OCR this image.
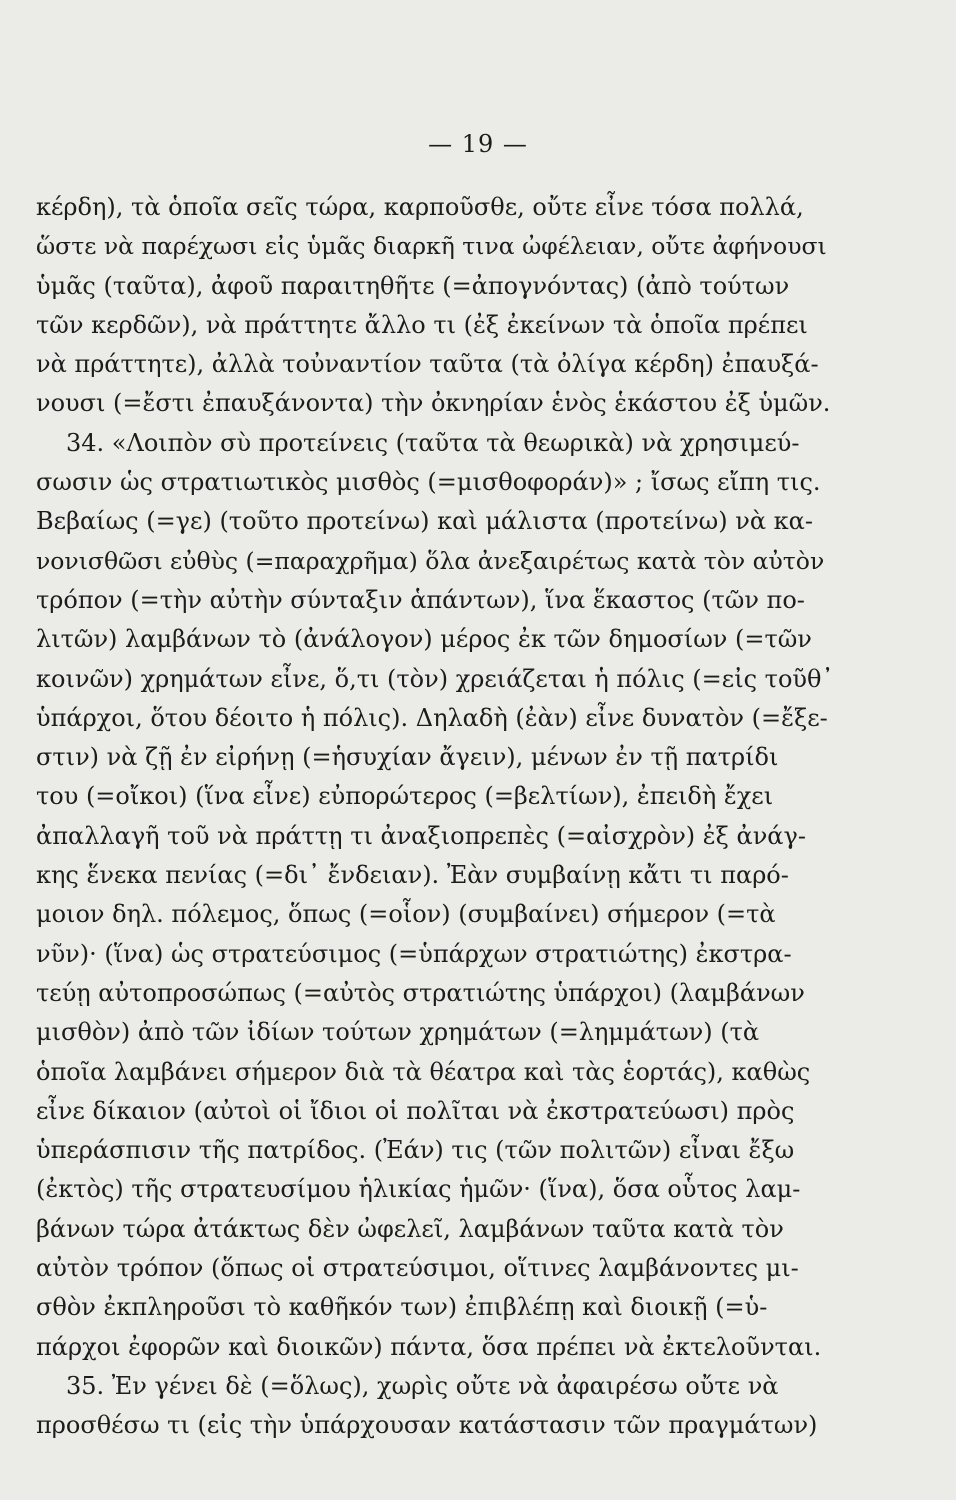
— 19 —
κέρδη), τὰ ὁποῖα σεῖς τώρα, καρποῦσθε, οὔτε εἶνε τόσα πολλά,
ὥστε νὰ παρέχωσι εἰς ὑμᾶς διαρκῆ τινα ὠφέλειαν, οὔτε ἀφήνουσι
ὑμᾶς (ταῦτα), ἀφοῦ παραιτηθῆτε (=ἀπογνόντας) (ἀπὸ τούτων
τῶν κερδῶν), νὰ πράττητε ἄλλο τι (ἐξ ἐκείνων τὰ ὁποῖα πρέπει
νὰ πράττητε), ἀλλὰ τοὐναντίον ταῦτα (τὰ ὀλίγα κέρδη) ἐπαυξά-
νουσι (=ἔστι ἐπαυξάνοντα) τὴν ὀκνηρίαν ἑνὸς ἑκάστου ἐξ ὑμῶν.
34. «Λοιπὸν σὺ προτείνεις (ταῦτα τὰ θεωρικὰ) νὰ χρησιμεύ-
σωσιν ὡς στρατιωτικὸς μισθὸς (=μισθοφοράν)» ; ἴσως εἴπη τις.
Βεβαίως (=γε) (τοῦτο προτείνω) καὶ μάλιστα (προτείνω) νὰ κα-
νονισθῶσι εὐθὺς (=παραχρῆμα) ὅλα ἀνεξαιρέτως κατὰ τὸν αὐτὸν
τρόπον (=τὴν αὐτὴν σύνταξιν ἁπάντων), ἵνα ἕκαστος (τῶν πο-
λιτῶν) λαμβάνων τὸ (ἀνάλογον) μέρος ἐκ τῶν δημοσίων (=τῶν
κοινῶν) χρημάτων εἶνε, ὅ,τι (τὸν) χρειάζεται ἡ πόλις (=εἰς τοῦθ᾽
ὑπάρχοι, ὅτου δέοιτο ἡ πόλις). Δηλαδὴ (ἐὰν) εἶνε δυνατὸν (=ἔξε-
στιν) νὰ ζῇ ἐν εἰρήνῃ (=ἡσυχίαν ἄγειν), μένων ἐν τῇ πατρίδι
του (=οἴκοι) (ἵνα εἶνε) εὐπορώτερος (=βελτίων), ἐπειδὴ ἔχει
ἀπαλλαγῆ τοῦ νὰ πράττῃ τι ἀναξιοπρεπὲς (=αἰσχρὸν) ἐξ ἀνάγ-
κης ἕνεκα πενίας (=δι᾽ ἔνδειαν). Ἐὰν συμβαίνῃ κἄτι τι παρό-
μοιον δηλ. πόλεμος, ὅπως (=οἷον) (συμβαίνει) σήμερον (=τὰ
νῦν)· (ἵνα) ὡς στρατεύσιμος (=ὑπάρχων στρατιώτης) ἐκστρα-
τεύῃ αὐτοπροσώπως (=αὐτὸς στρατιώτης ὑπάρχοι) (λαμβάνων
μισθὸν) ἀπὸ τῶν ἰδίων τούτων χρημάτων (=λημμάτων) (τὰ
ὁποῖα λαμβάνει σήμερον διὰ τὰ θέατρα καὶ τὰς ἑορτάς), καθὼς
εἶνε δίκαιον (αὐτοὶ οἱ ἴδιοι οἱ πολῖται νὰ ἐκστρατεύωσι) πρὸς
ὑπεράσπισιν τῆς πατρίδος. (Ἐάν) τις (τῶν πολιτῶν) εἶναι ἔξω
(ἐκτὸς) τῆς στρατευσίμου ἡλικίας ἡμῶν· (ἵνα), ὅσα οὗτος λαμ-
βάνων τώρα ἀτάκτως δὲν ὠφελεῖ, λαμβάνων ταῦτα κατὰ τὸν
αὐτὸν τρόπον (ὅπως οἱ στρατεύσιμοι, οἵτινες λαμβάνοντες μι-
σθὸν ἐκπληροῦσι τὸ καθῆκόν των) ἐπιβλέπῃ καὶ διοικῇ (=ὑ-
πάρχοι ἐφορῶν καὶ διοικῶν) πάντα, ὅσα πρέπει νὰ ἐκτελοῦνται.
35. Ἐν γένει δὲ (=ὅλως), χωρὶς οὔτε νὰ ἀφαιρέσω οὔτε νὰ
προσθέσω τι (εἰς τὴν ὑπάρχουσαν κατάστασιν τῶν πραγμάτων)
